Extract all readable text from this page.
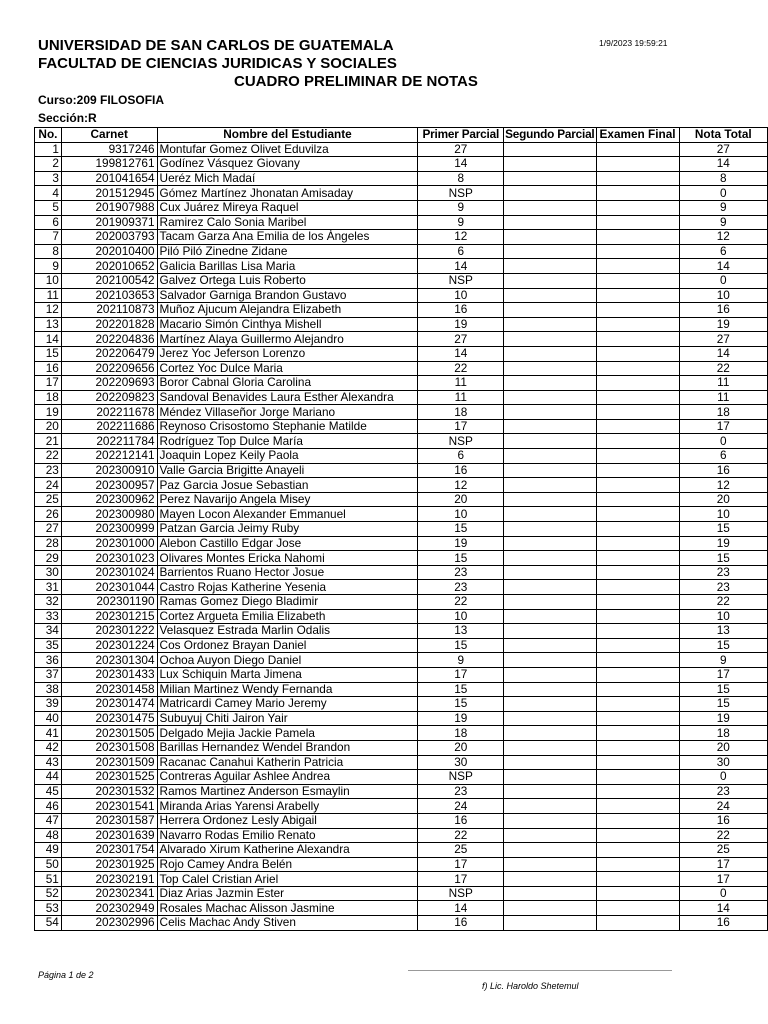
UNIVERSIDAD DE SAN CARLOS DE GUATEMALA
FACULTAD DE CIENCIAS JURIDICAS Y SOCIALES
CUADRO PRELIMINAR DE NOTAS
1/9/2023 19:59:21
Curso:209 FILOSOFIA
Sección:R
No.	Carnet	Nombre del Estudiante	Primer Parcial	Segundo Parcial	Examen Final	Nota Total
1	9317246	Montufar Gomez Olivet Eduvilza	27			27
2	199812761	Godínez Vásquez Giovany	14			14
3	201041654	Ueréz Mich Madaí	8			8
4	201512945	Gómez Martínez Jhonatan Amisaday	NSP			0
5	201907988	Cux Juárez Mireya Raquel	9			9
6	201909371	Ramirez Calo Sonia Maribel	9			9
7	202003793	Tacam Garza Ana Emilia de los Ángeles	12			12
8	202010400	Piló Piló Zinedne Zidane	6			6
9	202010652	Galicia Barillas Lisa Maria	14			14
10	202100542	Galvez Ortega Luis Roberto	NSP			0
11	202103653	Salvador Garniga Brandon Gustavo	10			10
12	202110873	Muñoz Ajucum Alejandra Elizabeth	16			16
13	202201828	Macario Simón Cinthya Mishell	19			19
14	202204836	Martínez Alaya Guillermo Alejandro	27			27
15	202206479	Jerez Yoc Jeferson Lorenzo	14			14
16	202209656	Cortez Yoc Dulce Maria	22			22
17	202209693	Boror Cabnal Gloria Carolina	11			11
18	202209823	Sandoval Benavides Laura Esther Alexandra	11			11
19	202211678	Méndez Villaseñor Jorge Mariano	18			18
20	202211686	Reynoso Crisostomo Stephanie Matilde	17			17
21	202211784	Rodríguez Top Dulce María	NSP			0
22	202212141	Joaquin Lopez Keily Paola	6			6
23	202300910	Valle Garcia Brigitte Anayeli	16			16
24	202300957	Paz Garcia Josue Sebastian	12			12
25	202300962	Perez Navarijo Angela Misey	20			20
26	202300980	Mayen Locon Alexander Emmanuel	10			10
27	202300999	Patzan Garcia Jeimy Ruby	15			15
28	202301000	Alebon Castillo Edgar Jose	19			19
29	202301023	Olivares Montes Ericka Nahomi	15			15
30	202301024	Barrientos Ruano Hector Josue	23			23
31	202301044	Castro Rojas Katherine Yesenia	23			23
32	202301190	Ramas Gomez Diego Bladimir	22			22
33	202301215	Cortez Argueta Emilia Elizabeth	10			10
34	202301222	Velasquez Estrada Marlin Odalis	13			13
35	202301224	Cos Ordonez Brayan Daniel	15			15
36	202301304	Ochoa Auyon Diego Daniel	9			9
37	202301433	Lux Schiquin Marta Jimena	17			17
38	202301458	Milian Martinez Wendy Fernanda	15			15
39	202301474	Matricardi Camey Mario Jeremy	15			15
40	202301475	Subuyuj Chiti Jairon Yair	19			19
41	202301505	Delgado Mejia Jackie Pamela	18			18
42	202301508	Barillas Hernandez Wendel Brandon	20			20
43	202301509	Racanac Canahui Katherin Patricia	30			30
44	202301525	Contreras Aguilar Ashlee Andrea	NSP			0
45	202301532	Ramos Martinez Anderson Esmaylin	23			23
46	202301541	Miranda Arias Yarensi Arabelly	24			24
47	202301587	Herrera Ordonez Lesly Abigail	16			16
48	202301639	Navarro Rodas Emilio Renato	22			22
49	202301754	Alvarado Xirum Katherine Alexandra	25			25
50	202301925	Rojo Camey Andra Belén	17			17
51	202302191	Top Calel Cristian Ariel	17			17
52	202302341	Diaz Arias Jazmin Ester	NSP			0
53	202302949	Rosales Machac Alisson Jasmine	14			14
54	202302996	Celis Machac Andy Stiven	16			16
Página 1 de 2
f) Lic. Haroldo Shetemul
